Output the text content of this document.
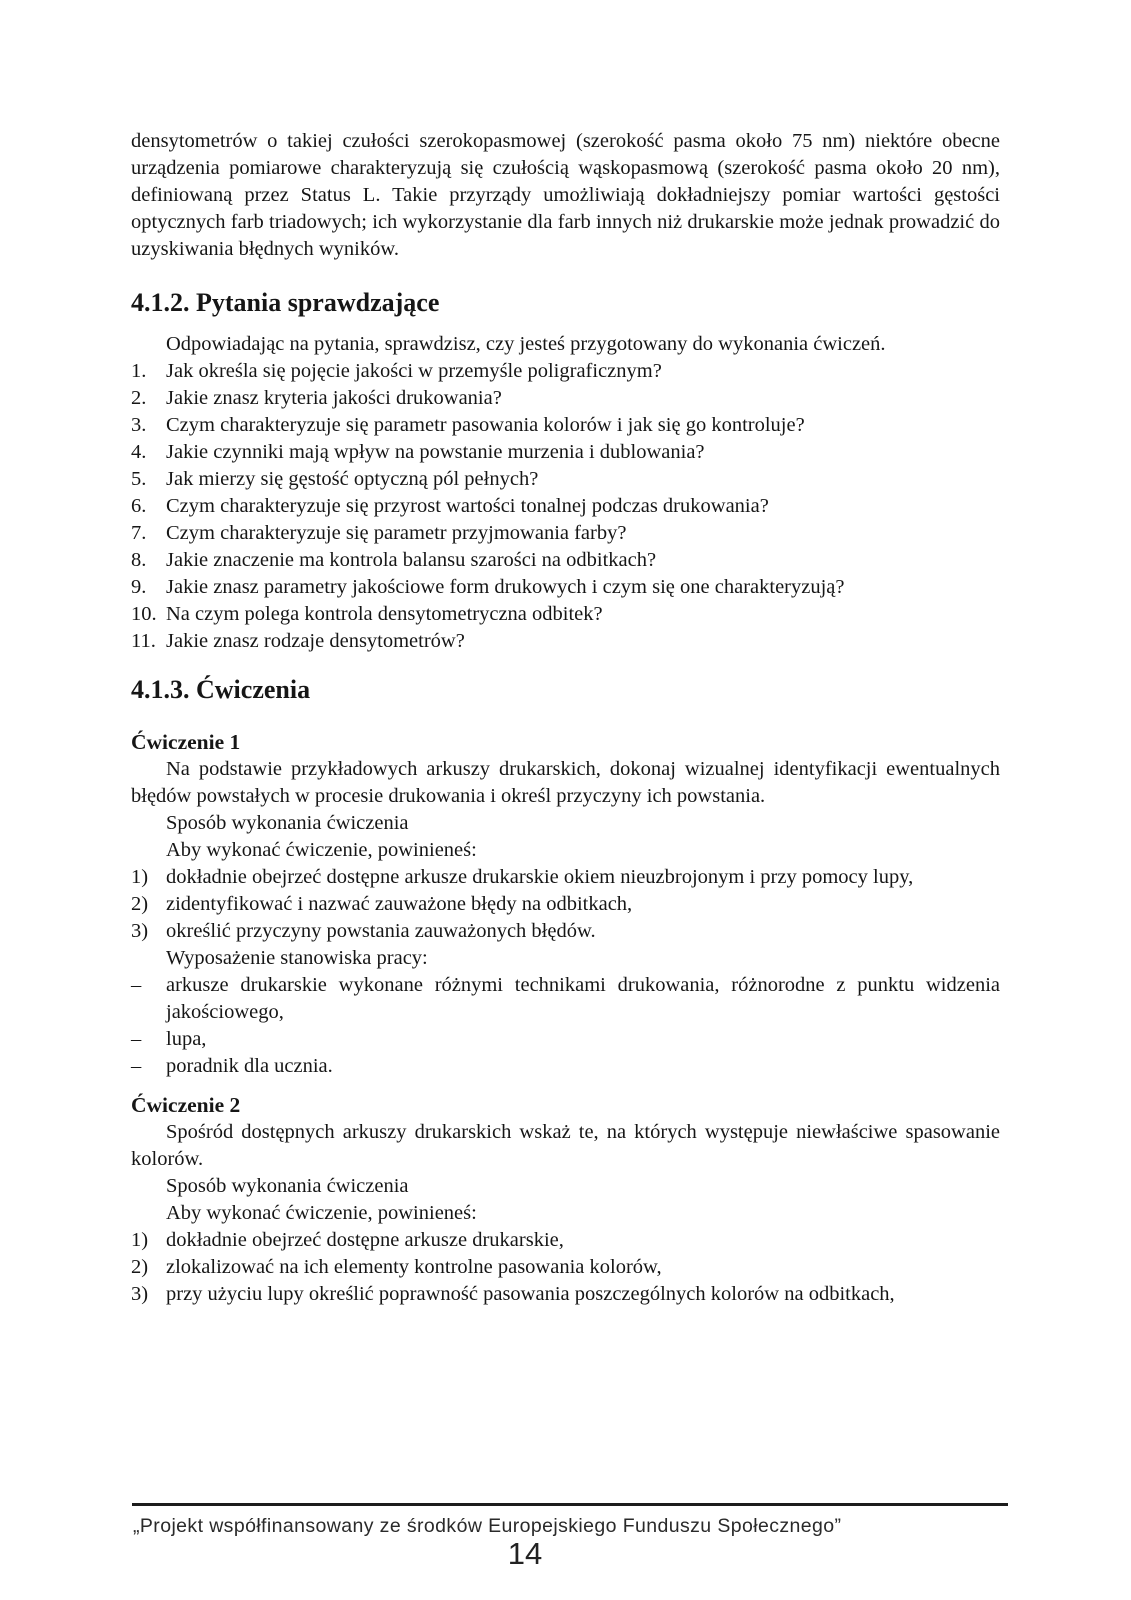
densytometrów o takiej czułości szerokopasmowej (szerokość pasma około 75 nm) niektóre obecne urządzenia pomiarowe charakteryzują się czułością wąskopasmową (szerokość pasma około 20 nm), definiowaną przez Status L. Takie przyrządy umożliwiają dokładniejszy pomiar wartości gęstości optycznych farb triadowych; ich wykorzystanie dla farb innych niż drukarskie może jednak prowadzić do uzyskiwania błędnych wyników.

4.1.2. Pytania sprawdzające

Odpowiadając na pytania, sprawdzisz, czy jesteś przygotowany do wykonania ćwiczeń.

1. Jak określa się pojęcie jakości w przemyśle poligraficznym?
2. Jakie znasz kryteria jakości drukowania?
3. Czym charakteryzuje się parametr pasowania kolorów i jak się go kontroluje?
4. Jakie czynniki mają wpływ na powstanie murzenia i dublowania?
5. Jak mierzy się gęstość optyczną pól pełnych?
6. Czym charakteryzuje się przyrost wartości tonalnej podczas drukowania?
7. Czym charakteryzuje się parametr przyjmowania farby?
8. Jakie znaczenie ma kontrola balansu szarości na odbitkach?
9. Jakie znasz parametry jakościowe form drukowych i czym się one charakteryzują?
10. Na czym polega kontrola densytometryczna odbitek?
11. Jakie znasz rodzaje densytometrów?
4.1.3. Ćwiczenia
Ćwiczenie 1

Na podstawie przykładowych arkuszy drukarskich, dokonaj wizualnej identyfikacji ewentualnych błędów powstałych w procesie drukowania i określ przyczyny ich powstania.

Sposób wykonania ćwiczenia

Aby wykonać ćwiczenie, powinieneś:

1) dokładnie obejrzeć dostępne arkusze drukarskie okiem nieuzbrojonym i przy pomocy lupy,
2) zidentyfikować i nazwać zauważone błędy na odbitkach,
3) określić przyczyny powstania zauważonych błędów.

Wyposażenie stanowiska pracy:

–	arkusze drukarskie wykonane różnymi technikami drukowania, różnorodne z punktu widzenia jakościowego,
–	lupa,
–	poradnik dla ucznia.
Ćwiczenie 2

Spośród dostępnych arkuszy drukarskich wskaż te, na których występuje niewłaściwe spasowanie kolorów.

Sposób wykonania ćwiczenia

Aby wykonać ćwiczenie, powinieneś:

1) dokładnie obejrzeć dostępne arkusze drukarskie,
2) zlokalizować na ich elementy kontrolne pasowania kolorów,
3) przy użyciu lupy określić poprawność pasowania poszczególnych kolorów na odbitkach,
„Projekt współfinansowany ze środków Europejskiego Funduszu Społecznego”
14
